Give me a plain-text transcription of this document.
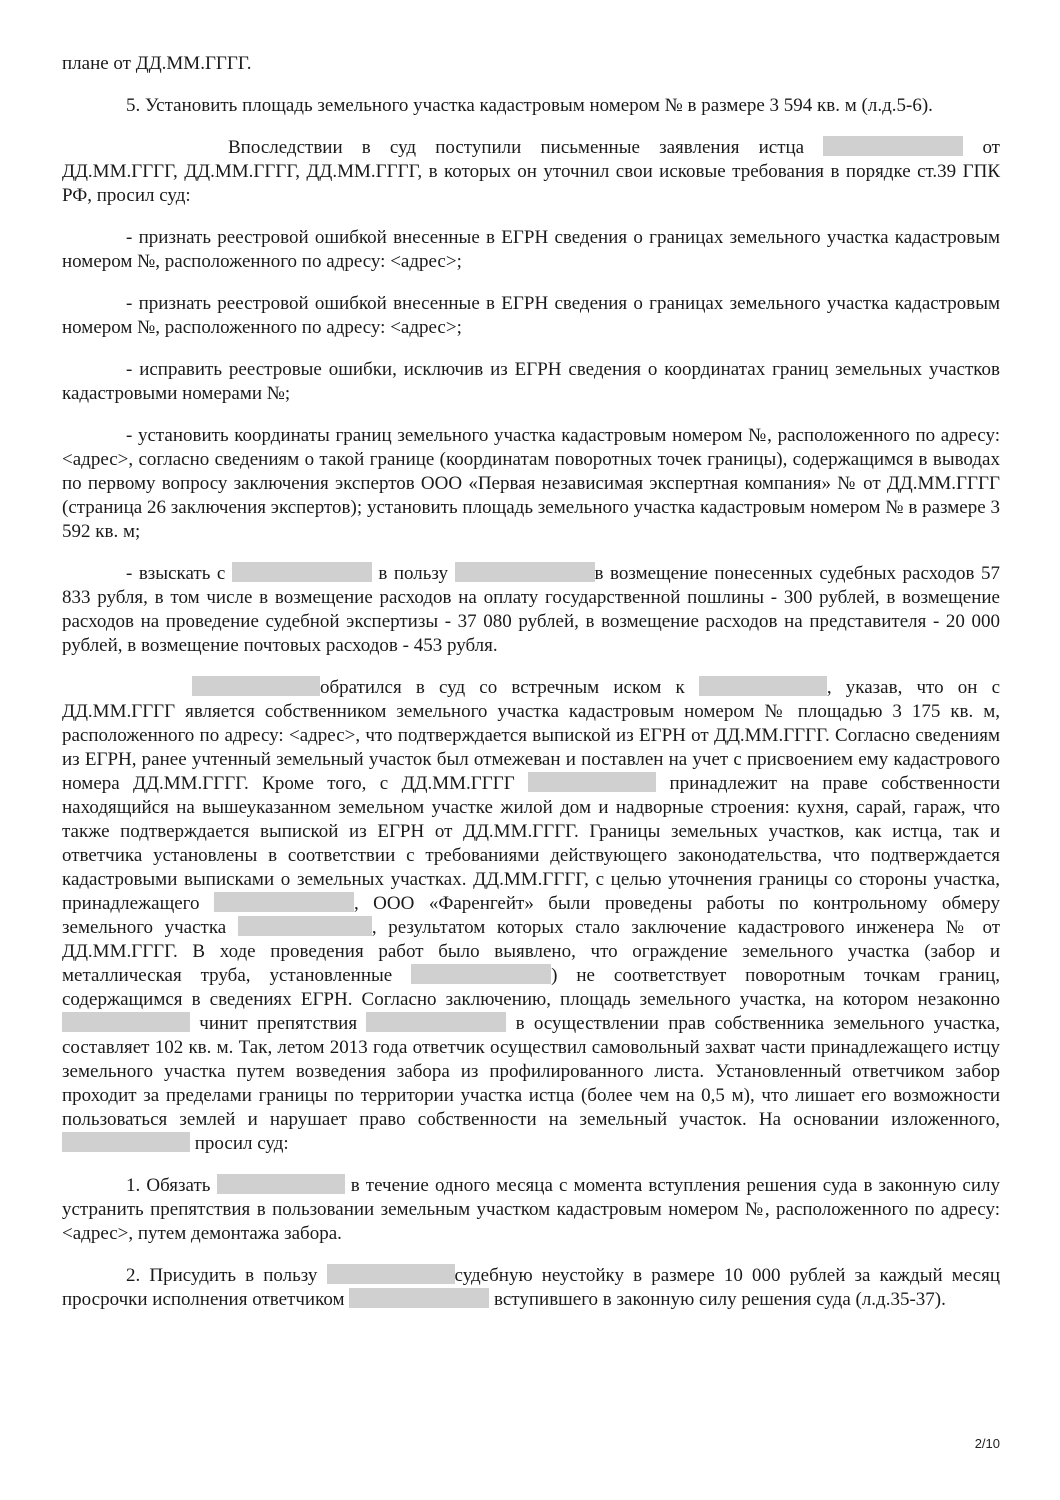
плане от ДД.ММ.ГГГГ.

5. Установить площадь земельного участка кадастровым номером № в размере 3 594 кв. м (л.д.5-6).

Впоследствии в суд поступили письменные заявления истца	от ДД.ММ.ГГГГ, ДД.ММ.ГГГГ, ДД.ММ.ГГГГ, в которых он уточнил свои исковые требования в порядке ст.39 ГПК РФ, просил суд:

- признать реестровой ошибкой внесенные в ЕГРН сведения о границах земельного участка кадастровым номером №, расположенного по адресу: <адрес>;

- признать реестровой ошибкой внесенные в ЕГРН сведения о границах земельного участка кадастровым номером №, расположенного по адресу: <адрес>;

- исправить реестровые ошибки, исключив из ЕГРН сведения о координатах границ земельных участков кадастровыми номерами №;

- установить координаты границ земельного участка кадастровым номером №, расположенного по адресу: <адрес>, согласно сведениям о такой границе (координатам поворотных точек границы), содержащимся в выводах по первому вопросу заключения экспертов ООО «Первая независимая экспертная компания» № от ДД.ММ.ГГГГ (страница 26 заключения экспертов); установить площадь земельного участка кадастровым номером № в размере 3 592 кв. м;

- взыскать с	в пользу	в возмещение понесенных судебных расходов 57 833 рубля, в том числе в возмещение расходов на оплату государственной пошлины - 300 рублей, в возмещение расходов на проведение судебной экспертизы - 37 080 рублей, в возмещение расходов на представителя - 20 000 рублей, в возмещение почтовых расходов - 453 рубля.

обратился в суд со встречным иском к	, указав, что он с ДД.ММ.ГГГГ является собственником земельного участка кадастровым номером № площадью 3 175 кв. м, расположенного по адресу: <адрес>, что подтверждается выпиской из ЕГРН от ДД.ММ.ГГГГ. Согласно сведениям из ЕГРН, ранее учтенный земельный участок был отмежеван и поставлен на учет с присвоением ему кадастрового номера ДД.ММ.ГГГГ. Кроме того, с ДД.ММ.ГГГГ	принадлежит на праве собственности находящийся на вышеуказанном земельном участке жилой дом и надворные строения: кухня, сарай, гараж, что также подтверждается выпиской из ЕГРН от ДД.ММ.ГГГГ. Границы земельных участков, как истца, так и ответчика установлены в соответствии с требованиями действующего законодательства, что подтверждается кадастровыми выписками о земельных участках. ДД.ММ.ГГГГ, с целью уточнения границы со стороны участка, принадлежащего	, ООО «Фаренгейт» были проведены работы по контрольному обмеру земельного участка	, результатом которых стало заключение кадастрового инженера № от ДД.ММ.ГГГГ. В ходе проведения работ было выявлено, что ограждение земельного участка (забор и металлическая труба, установленные	) не соответствует поворотным точкам границ, содержащимся в сведениях ЕГРН. Согласно заключению, площадь земельного участка, на котором незаконно  чинит препятствия	в осуществлении прав собственника земельного участка, составляет 102 кв. м. Так, летом 2013 года ответчик осуществил самовольный захват части принадлежащего истцу земельного участка путем возведения забора из профилированного листа. Установленный ответчиком забор проходит за пределами границы по территории участка истца (более чем на 0,5 м), что лишает его возможности пользоваться землей и нарушает право собственности на земельный участок. На основании изложенного,  просил суд:

1. Обязать	в течение одного месяца с момента вступления решения суда в законную силу устранить препятствия в пользовании земельным участком кадастровым номером №, расположенного по адресу: <адрес>, путем демонтажа забора.

2. Присудить в пользу	судебную неустойку в размере 10 000 рублей за каждый месяц просрочки исполнения ответчиком	вступившего в законную силу решения суда (л.д.35-37).

2/10
